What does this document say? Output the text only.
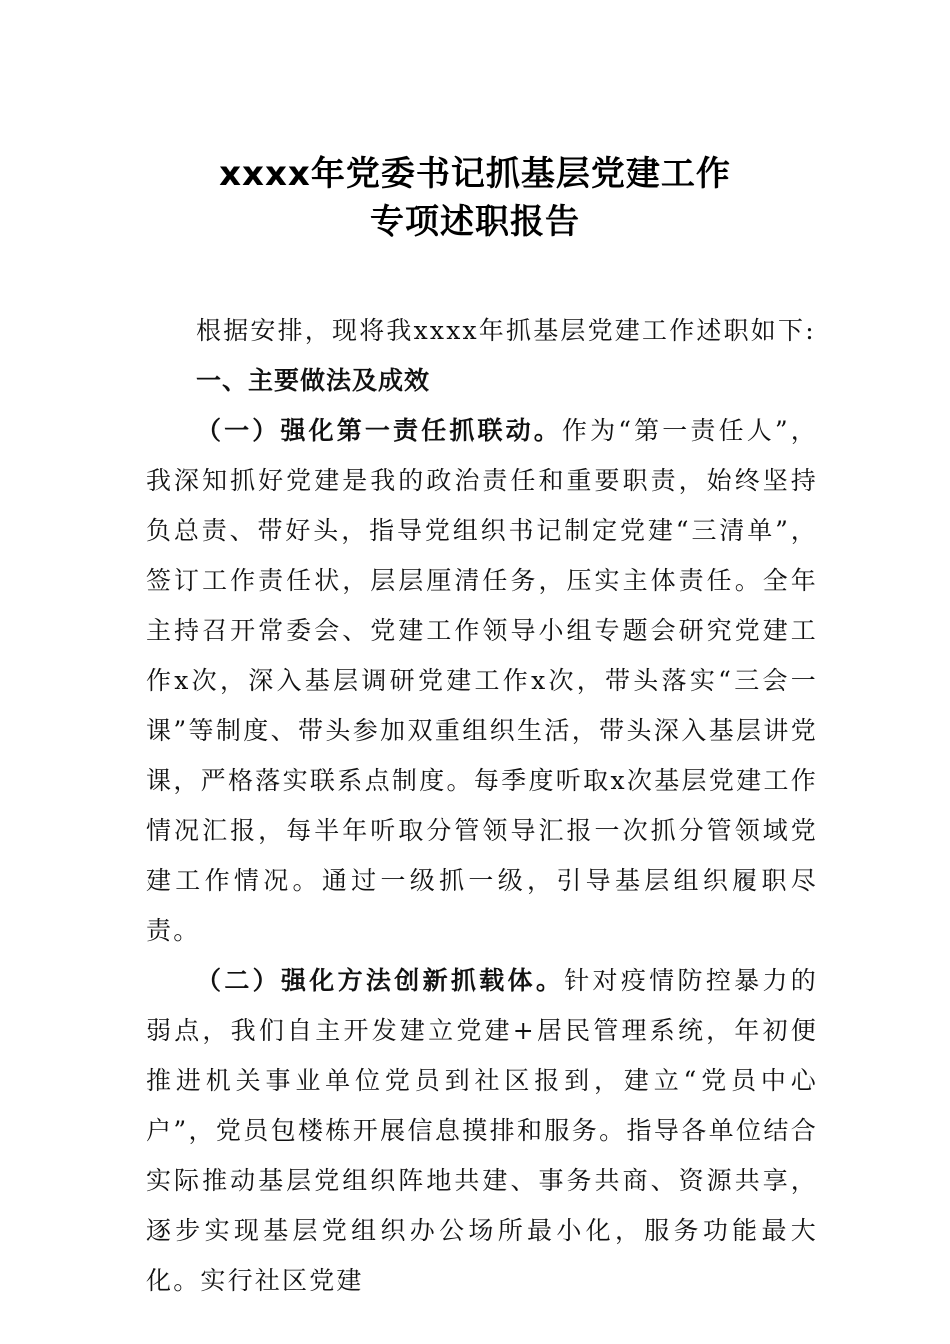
xxxx年党委书记抓基层党建工作
专项述职报告

根据安排，现将我xxxx年抓基层党建工作述职如下:

一、主要做法及成效

（一）强化第一责任抓联动。作为“第一责任人”，我深知抓好党建是我的政治责任和重要职责，始终坚持负总责、带好头，指导党组织书记制定党建“三清单”，签订工作责任状，层层厘清任务，压实主体责任。全年主持召开常委会、党建工作领导小组专题会研究党建工作x次，深入基层调研党建工作x次，带头落实“三会一课”等制度、带头参加双重组织生活，带头深入基层讲党课，严格落实联系点制度。每季度听取x次基层党建工作情况汇报，每半年听取分管领导汇报一次抓分管领域党建工作情况。通过一级抓一级，引导基层组织履职尽责。

（二）强化方法创新抓载体。针对疫情防控暴力的弱点，我们自主开发建立党建+居民管理系统，年初便推进机关事业单位党员到社区报到，建立“党员中心户”，党员包楼栋开展信息摸排和服务。指导各单位结合实际推动基层党组织阵地共建、事务共商、资源共享，逐步实现基层党组织办公场所最小化，服务功能最大化。实行社区党建
